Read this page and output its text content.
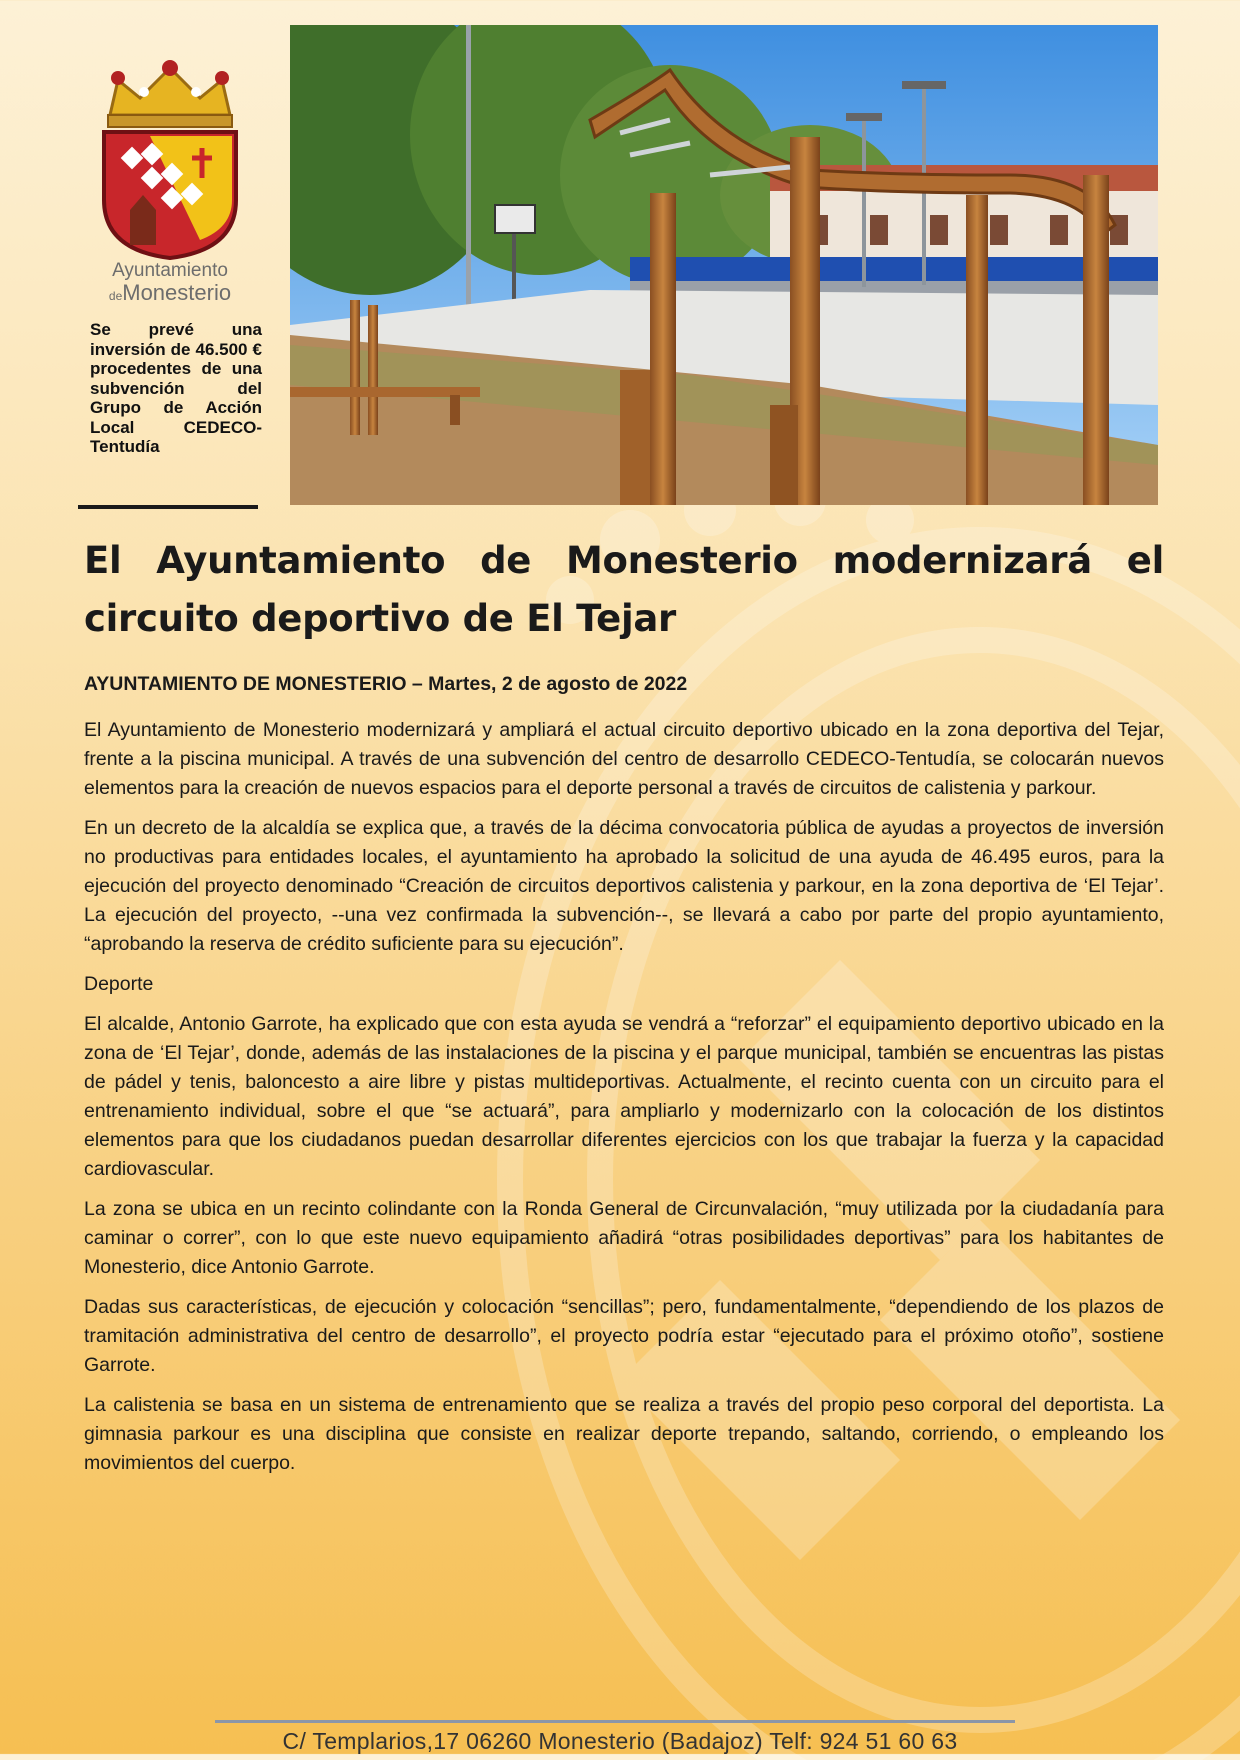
Ayuntamiento
deMonesterio
Se prevé una inversión de 46.500 € procedentes de una subvención del Grupo de Acción Local CEDECO-Tentudía
El Ayuntamiento de Monesterio modernizará el circuito deportivo de El Tejar
AYUNTAMIENTO DE MONESTERIO – Martes, 2 de agosto de 2022

El Ayuntamiento de Monesterio modernizará y ampliará el actual circuito deportivo ubicado en la zona deportiva del Tejar, frente a la piscina municipal. A través de una subvención del centro de desarrollo CEDECO-Tentudía, se colocarán nuevos elementos para la creación de nuevos espacios para el deporte personal a través de circuitos de calistenia y parkour.

En un decreto de la alcaldía se explica que, a través de la décima convocatoria pública de ayudas a proyectos de inversión no productivas para entidades locales, el ayuntamiento ha aprobado la solicitud de una ayuda de 46.495 euros, para la ejecución del proyecto denominado “Creación de circuitos deportivos calistenia y parkour, en la zona deportiva de ‘El Tejar’. La ejecución del proyecto, --una vez confirmada la subvención--, se llevará a cabo por parte del propio ayuntamiento, “aprobando la reserva de crédito suficiente para su ejecución”.

Deporte

El alcalde, Antonio Garrote, ha explicado que con esta ayuda se vendrá a “reforzar” el equipamiento deportivo ubicado en la zona de ‘El Tejar’, donde, además de las instalaciones de la piscina y el parque municipal, también se encuentras las pistas de pádel y tenis, baloncesto a aire libre y pistas multideportivas. Actualmente, el recinto cuenta con un circuito para el entrenamiento individual, sobre el que “se actuará”, para ampliarlo y modernizarlo con la colocación de los distintos elementos para que los ciudadanos puedan desarrollar diferentes ejercicios con los que trabajar la fuerza y la capacidad cardiovascular.

La zona se ubica en un recinto colindante con la Ronda General de Circunvalación, “muy utilizada por la ciudadanía para caminar o correr”, con lo que este nuevo equipamiento añadirá “otras posibilidades deportivas” para los habitantes de Monesterio, dice Antonio Garrote.

Dadas sus características, de ejecución y colocación “sencillas”; pero, fundamentalmente, “dependiendo de los plazos de tramitación administrativa del centro de desarrollo”, el proyecto podría estar “ejecutado para el próximo otoño”, sostiene Garrote.

La calistenia se basa en un sistema de entrenamiento que se realiza a través del propio peso corporal del deportista. La gimnasia parkour es una disciplina que consiste en realizar deporte trepando, saltando, corriendo, o empleando los movimientos del cuerpo.

C/ Templarios,17 06260 Monesterio (Badajoz) Telf: 924 51 60 63
